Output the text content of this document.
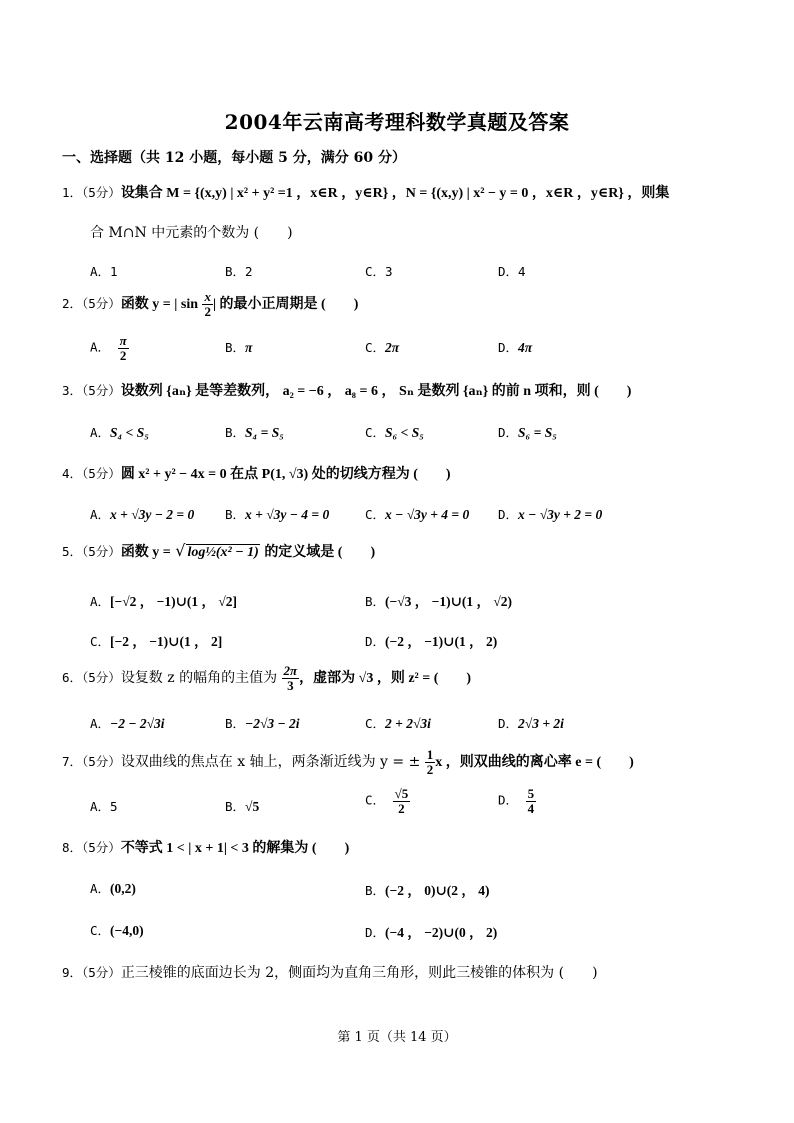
2004年云南高考理科数学真题及答案
一、选择题（共 12 小题，每小题 5 分，满分 60 分）
1．（5分）设集合 M = {(x,y) | x² + y² =1 ，x∈R ，y∈R} ，N = {(x,y) | x² − y = 0 ，x∈R ，y∈R} ，则集
合 M∩N 中元素的个数为 (　　)
A．1	B．2	C．3	D．4
2．（5分）函数 y = | $\sin \frac{x}{2}$ | 的最小正周期是 (　　)
A． $\frac{\pi}{2}$	B．π	C．2π	D．4π
3．（5分）设数列 {aₙ} 是等差数列， a₂ = −6 ， a₈ = 6 ， Sₙ 是数列 {aₙ} 的前 n 项和，则 (　　)
A．S₄ < S₅	B．S₄ = S₅	C．S₆ < S₅	D．S₆ = S₅
4．（5分）圆 x² + y² − 4x = 0 在点 P(1, √3) 处的切线方程为 (　　)
A．x + √3y − 2 = 0 B．x + √3y − 4 = 0	C．x − √3y + 4 = 0 D．x − √3y + 2 = 0
5．（5分）函数 y = √ log½(x² − 1) 的定义域是 (　　)
A．[−√2 ， −1)∪(1 ， √2]	B．(−√3 ， −1)∪(1 ， √2)
C．[−2 ， −1)∪(1 ， 2]	D．(−2 ， −1)∪(1 ， 2)
6．（5分）设复数 z 的幅角的主值为 $\frac{2\pi}{3}$ ，虚部为 √3 ，则 z² = (　　)
A．−2 − 2√3i	B．−2√3 − 2i	C．2 + 2√3i	D．2√3 + 2i
7．（5分）设双曲线的焦点在 x 轴上，两条渐近线为 y = ± $\frac{1}{2}$ x ，则双曲线的离心率 e = (　　)
A．5	B．√5	C． $\frac{√5}{2}$	D． $\frac{5}{4}$
8．（5分）不等式 1 < | x + 1| < 3 的解集为 (　　)
A．(0,2)	B．(−2 ， 0)∪(2 ， 4)
C．(−4,0)	D．(−4 ， −2)∪(0 ， 2)
9．（5分）正三棱锥的底面边长为 2，侧面均为直角三角形，则此三棱锥的体积为 (　　)
第 1 页（共 14 页）
